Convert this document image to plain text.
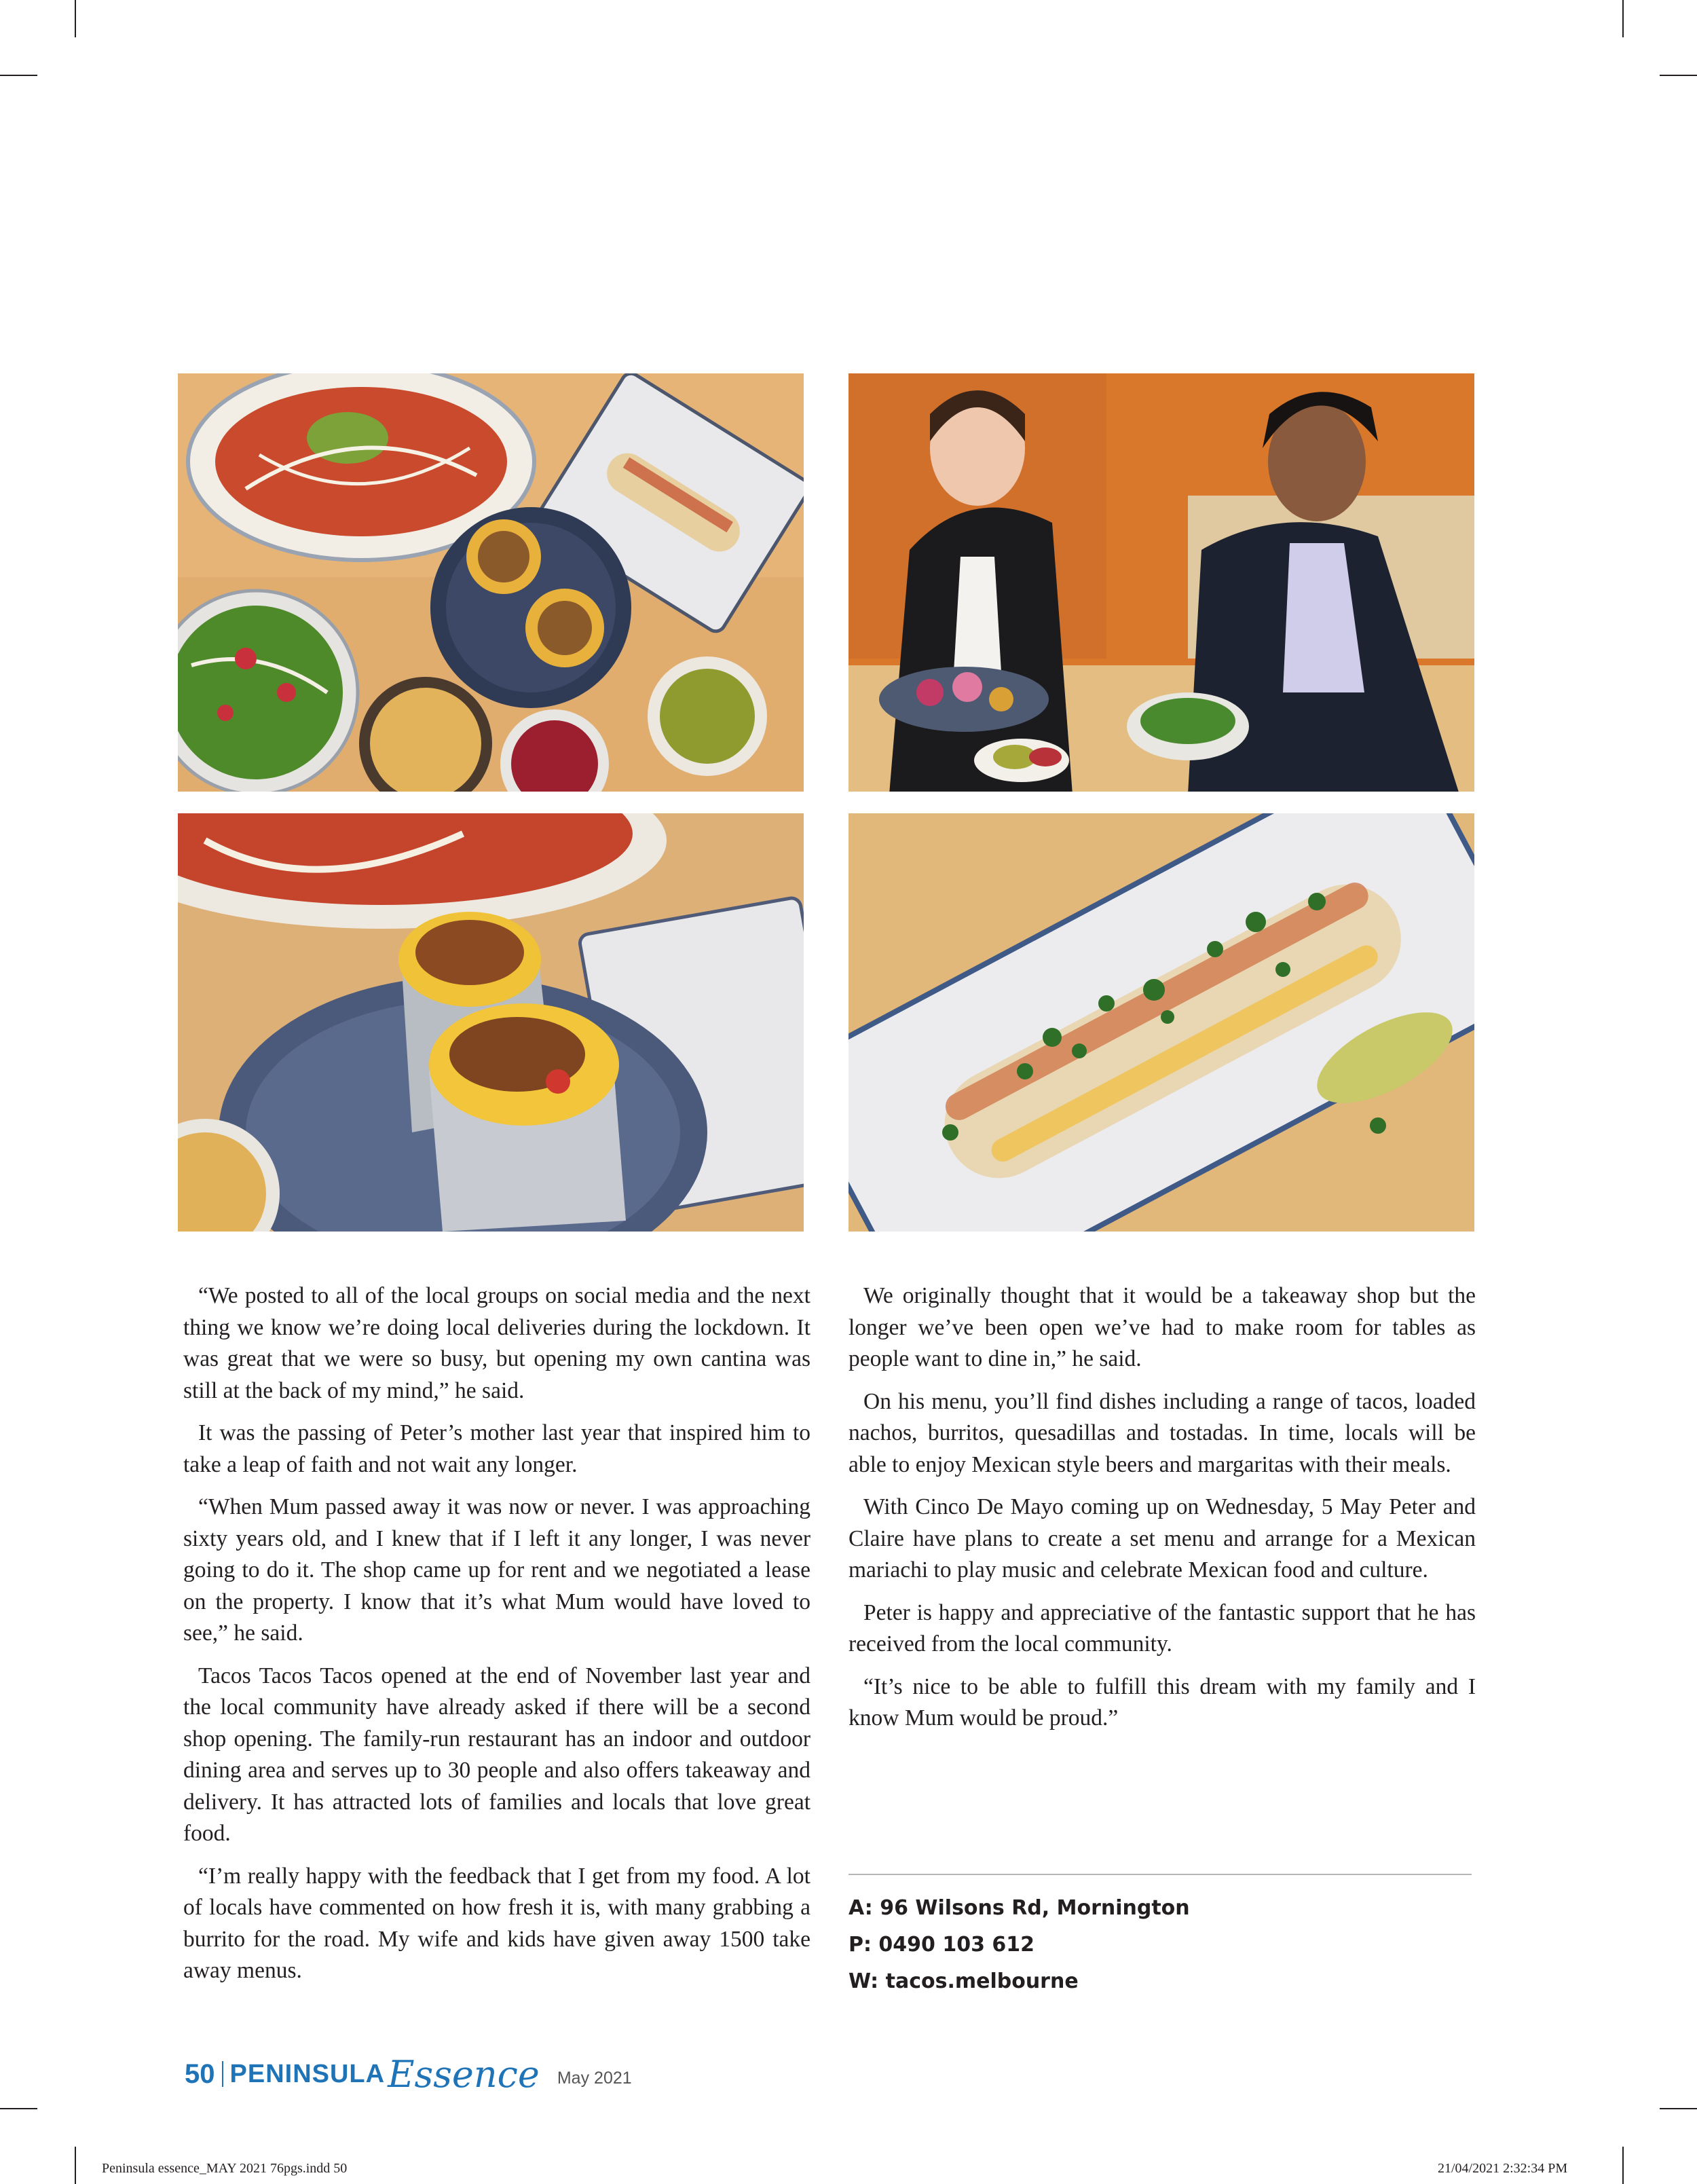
“We posted to all of the local groups on social media and the next thing we know we’re doing local deliveries during the lockdown. It was great that we were so busy, but opening my own cantina was still at the back of my mind,” he said.

It was the passing of Peter’s mother last year that inspired him to take a leap of faith and not wait any longer.

“When Mum passed away it was now or never. I was approaching sixty years old, and I knew that if I left it any longer, I was never going to do it. The shop came up for rent and we negotiated a lease on the property. I know that it’s what Mum would have loved to see,” he said.

Tacos Tacos Tacos opened at the end of November last year and the local community have already asked if there will be a second shop opening. The family-run restaurant has an indoor and outdoor dining area and serves up to 30 people and also offers takeaway and delivery. It has attracted lots of families and locals that love great food.

“I’m really happy with the feedback that I get from my food. A lot of locals have commented on how fresh it is, with many grabbing a burrito for the road. My wife and kids have given away 1500 take away menus.

We originally thought that it would be a takeaway shop but the longer we’ve been open we’ve had to make room for tables as people want to dine in,” he said.

On his menu, you’ll find dishes including a range of tacos, loaded nachos, burritos, quesadillas and tostadas. In time, locals will be able to enjoy Mexican style beers and margaritas with their meals.

With Cinco De Mayo coming up on Wednesday, 5 May Peter and Claire have plans to create a set menu and arrange for a Mexican mariachi to play music and celebrate Mexican food and culture.

Peter is happy and appreciative of the fantastic support that he has received from the local community.

“It’s nice to be able to fulfill this dream with my family and I know Mum would be proud.”

A: 96 Wilsons Rd, Mornington
P: 0490 103 612
W: tacos.melbourne
50 PENINSULA Essence May 2021
Peninsula essence_MAY 2021 76pgs.indd 50	21/04/2021 2:32:34 PM
